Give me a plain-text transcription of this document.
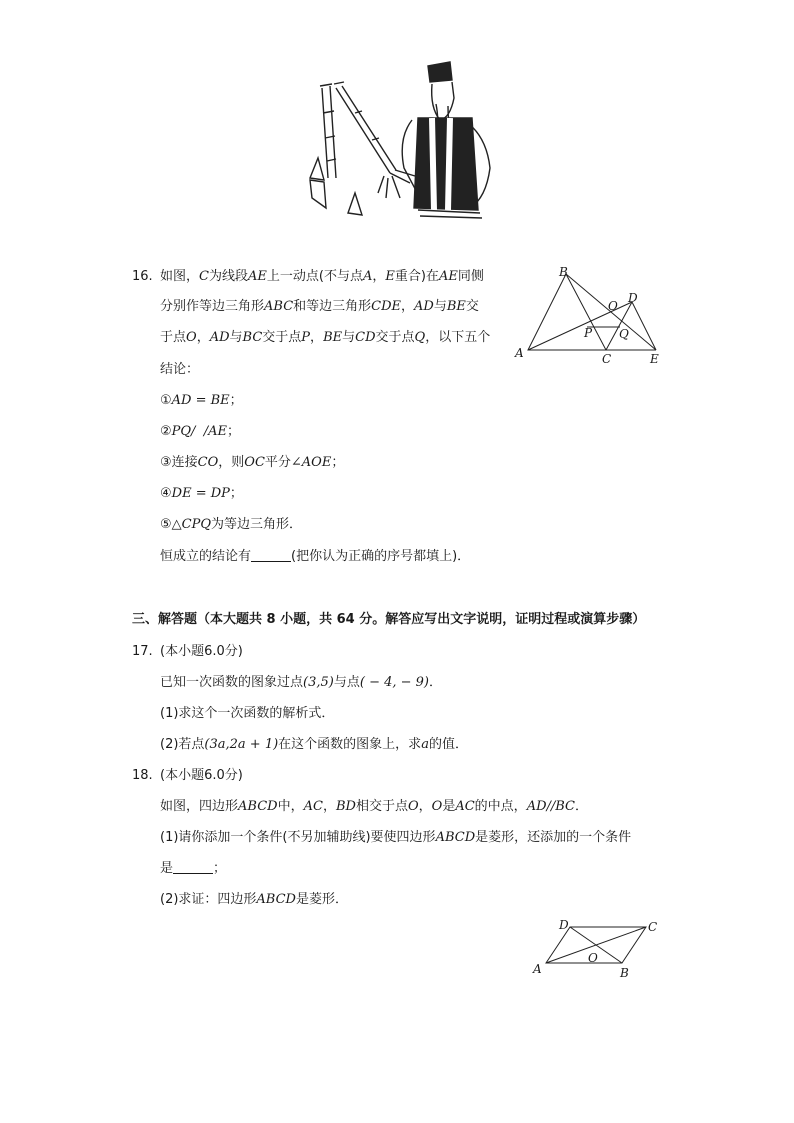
16. 如图，C为线段AE上一动点(不与点A，E重合)在AE同侧
分别作等边三角形ABC和等边三角形CDE，AD与BE交
于点O，AD与BC交于点P，BE与CD交于点Q，以下五个
结论：
①AD = BE；
②PQ/  /AE；
③连接CO，则OC平分∠AOE；
④DE = DP；
⑤△CPQ为等边三角形．
恒成立的结论有	(把你认为正确的序号都填上)．
B
D
O
P Q
A	C	E
三、解答题（本大题共 8 小题，共 64 分。解答应写出文字说明，证明过程或演算步骤）
17. (本小题6.0分)
已知一次函数的图象过点(3,5)与点( − 4, − 9)．
(1)求这个一次函数的解析式．
(2)若点(3a,2a + 1)在这个函数的图象上，求a的值．
18. (本小题6.0分)
如图，四边形ABCD中，AC，BD相交于点O，O是AC的中点，AD//BC．
(1)请你添加一个条件(不另加辅助线)要使四边形ABCD是菱形，还添加的一个条件
是	；
(2)求证：四边形ABCD是菱形．
D	C
O
A	B
